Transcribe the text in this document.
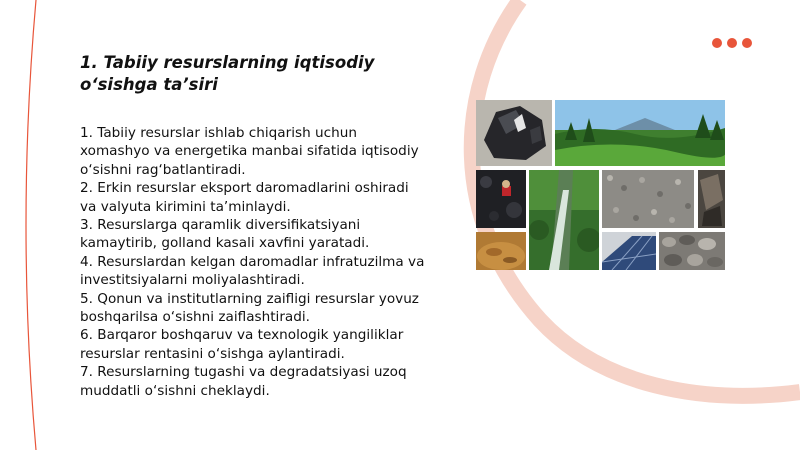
1. Tabiiy resurslarning iqtisodiy o‘sishga ta’siri
1. Tabiiy resurslar ishlab chiqarish uchun xomashyo va energetika manbai sifatida iqtisodiy o‘sishni rag‘batlantiradi.
2. Erkin resurslar eksport daromadlarini oshiradi va valyuta kirimini ta’minlaydi.
3. Resurslarga qaramlik diversifikatsiyani kamaytirib, golland kasali xavfini yaratadi.
4. Resurslardan kelgan daromadlar infratuzilma va investitsiyalarni moliyalashtiradi.
5. Qonun va institutlarning zaifligi resurslar yovuz boshqarilsa o‘sishni zaiflashtiradi.
6. Barqaror boshqaruv va texnologik yangiliklar resurslar rentasini o‘sishga aylantiradi.
7. Resurslarning tugashi va degradatsiyasi uzoq muddatli o‘sishni cheklaydi.
